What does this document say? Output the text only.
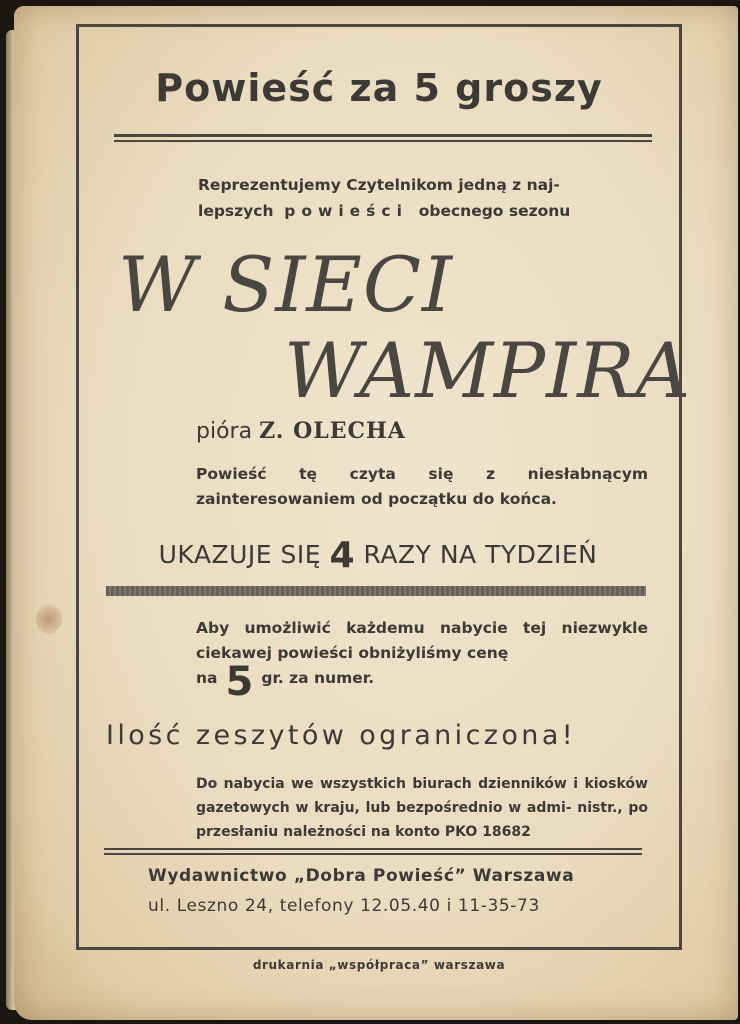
Powieść za 5 groszy
Reprezentujemy Czytelnikom jedną z naj-
lepszych powieści obecnego sezonu
W SIECI
WAMPIRA
pióra Z. OLECHA
Powieść tę czyta się z niesłabnącym zainteresowaniem od początku do końca.
UKAZUJE SIĘ 4 RAZY NA TYDZIEŃ
Aby umożliwić każdemu nabycie tej niezwykle ciekawej powieści obniżyliśmy cenę
na 5 gr. za numer.
Ilość zeszytów ograniczona!
Do nabycia we wszystkich biurach dzienników i kiosków gazetowych w kraju, lub bezpośrednio w admi- nistr., po przesłaniu należności na konto PKO 18682
Wydawnictwo „Dobra Powieść” Warszawa
ul. Leszno 24, telefony 12.05.40 i 11-35-73
drukarnia „współpraca” warszawa
